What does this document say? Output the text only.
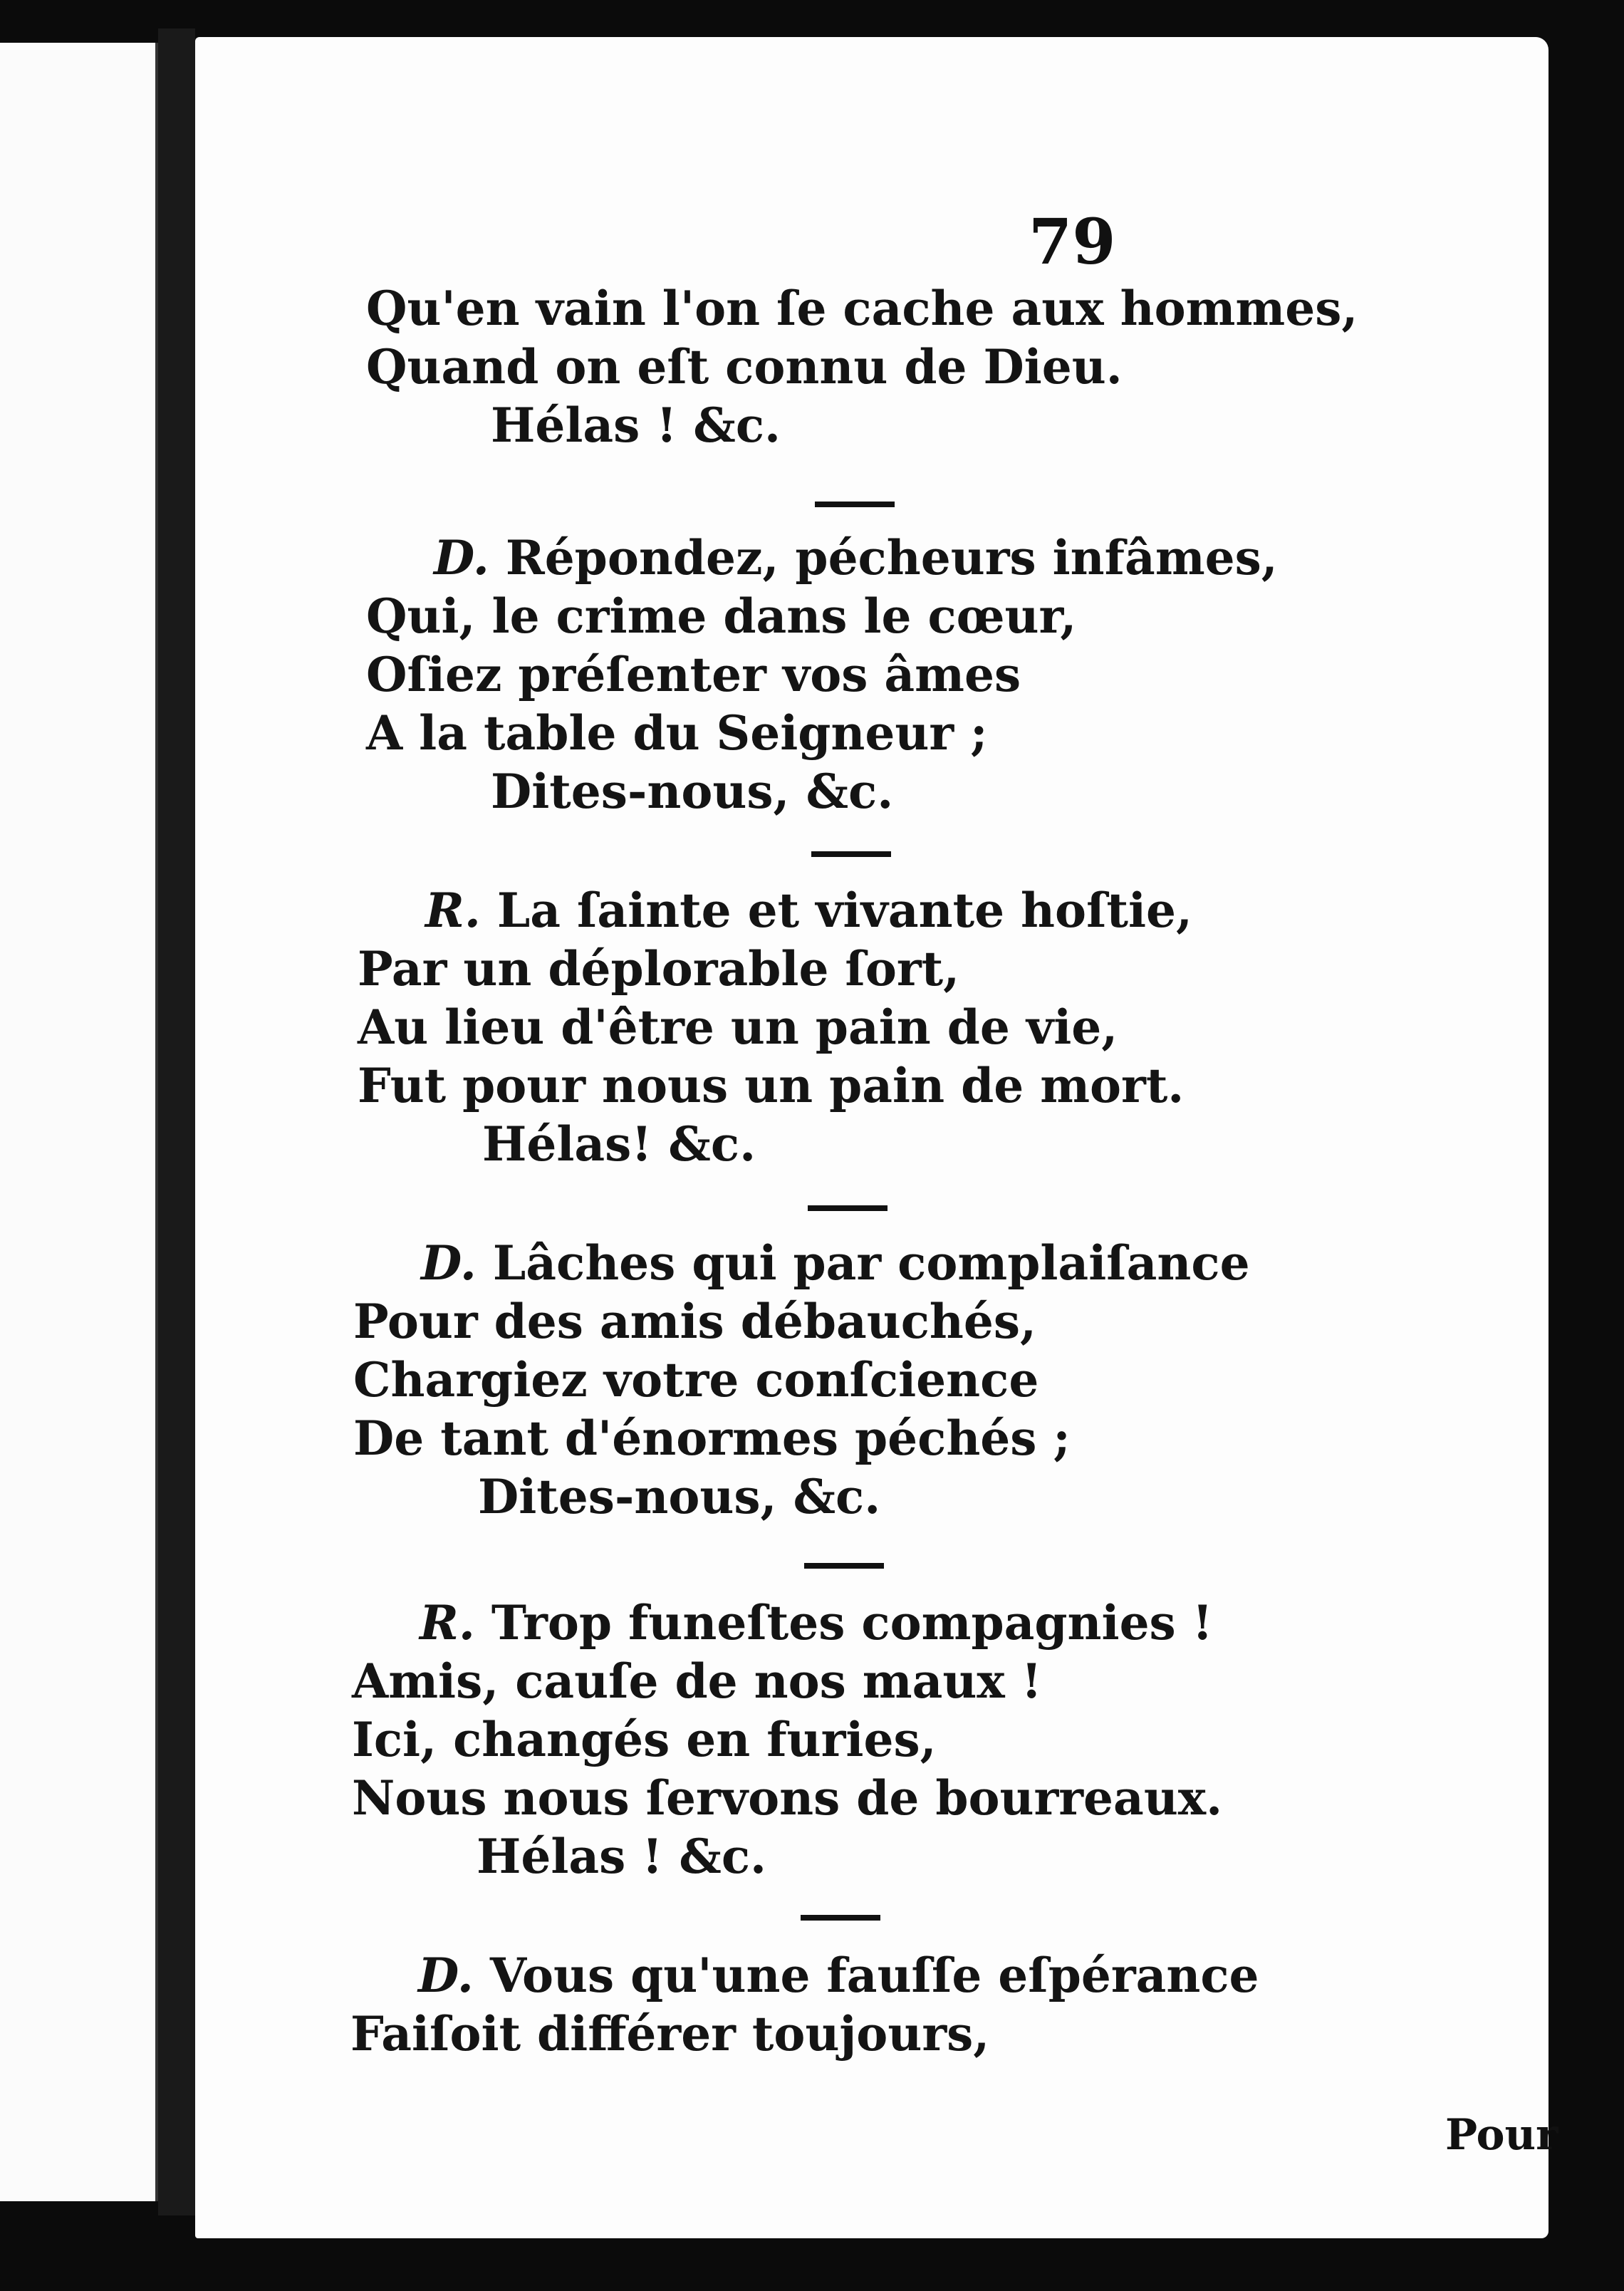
79

Qu'en vain l'on ſe cache aux hommes,

Quand on eſt connu de Dieu.

Hélas ! &c.

D. Répondez, pécheurs infâmes,

Qui, le crime dans le cœur,

Oſiez préſenter vos âmes

A la table du Seigneur ;

Dites-nous, &c.

R. La ſainte et vivante hoſtie,

Par un déplorable ſort,

Au lieu d'être un pain de vie,

Fut pour nous un pain de mort.

Hélas! &c.

D. Lâches qui par complaiſance

Pour des amis débauchés,

Chargiez votre conſcience

De tant d'énormes péchés ;

Dites-nous, &c.

R. Trop funeſtes compagnies !

Amis, cauſe de nos maux !

Ici, changés en furies,

Nous nous ſervons de bourreaux.

Hélas ! &c.

D. Vous qu'une fauſſe eſpérance

Faiſoit différer toujours,

Pour
